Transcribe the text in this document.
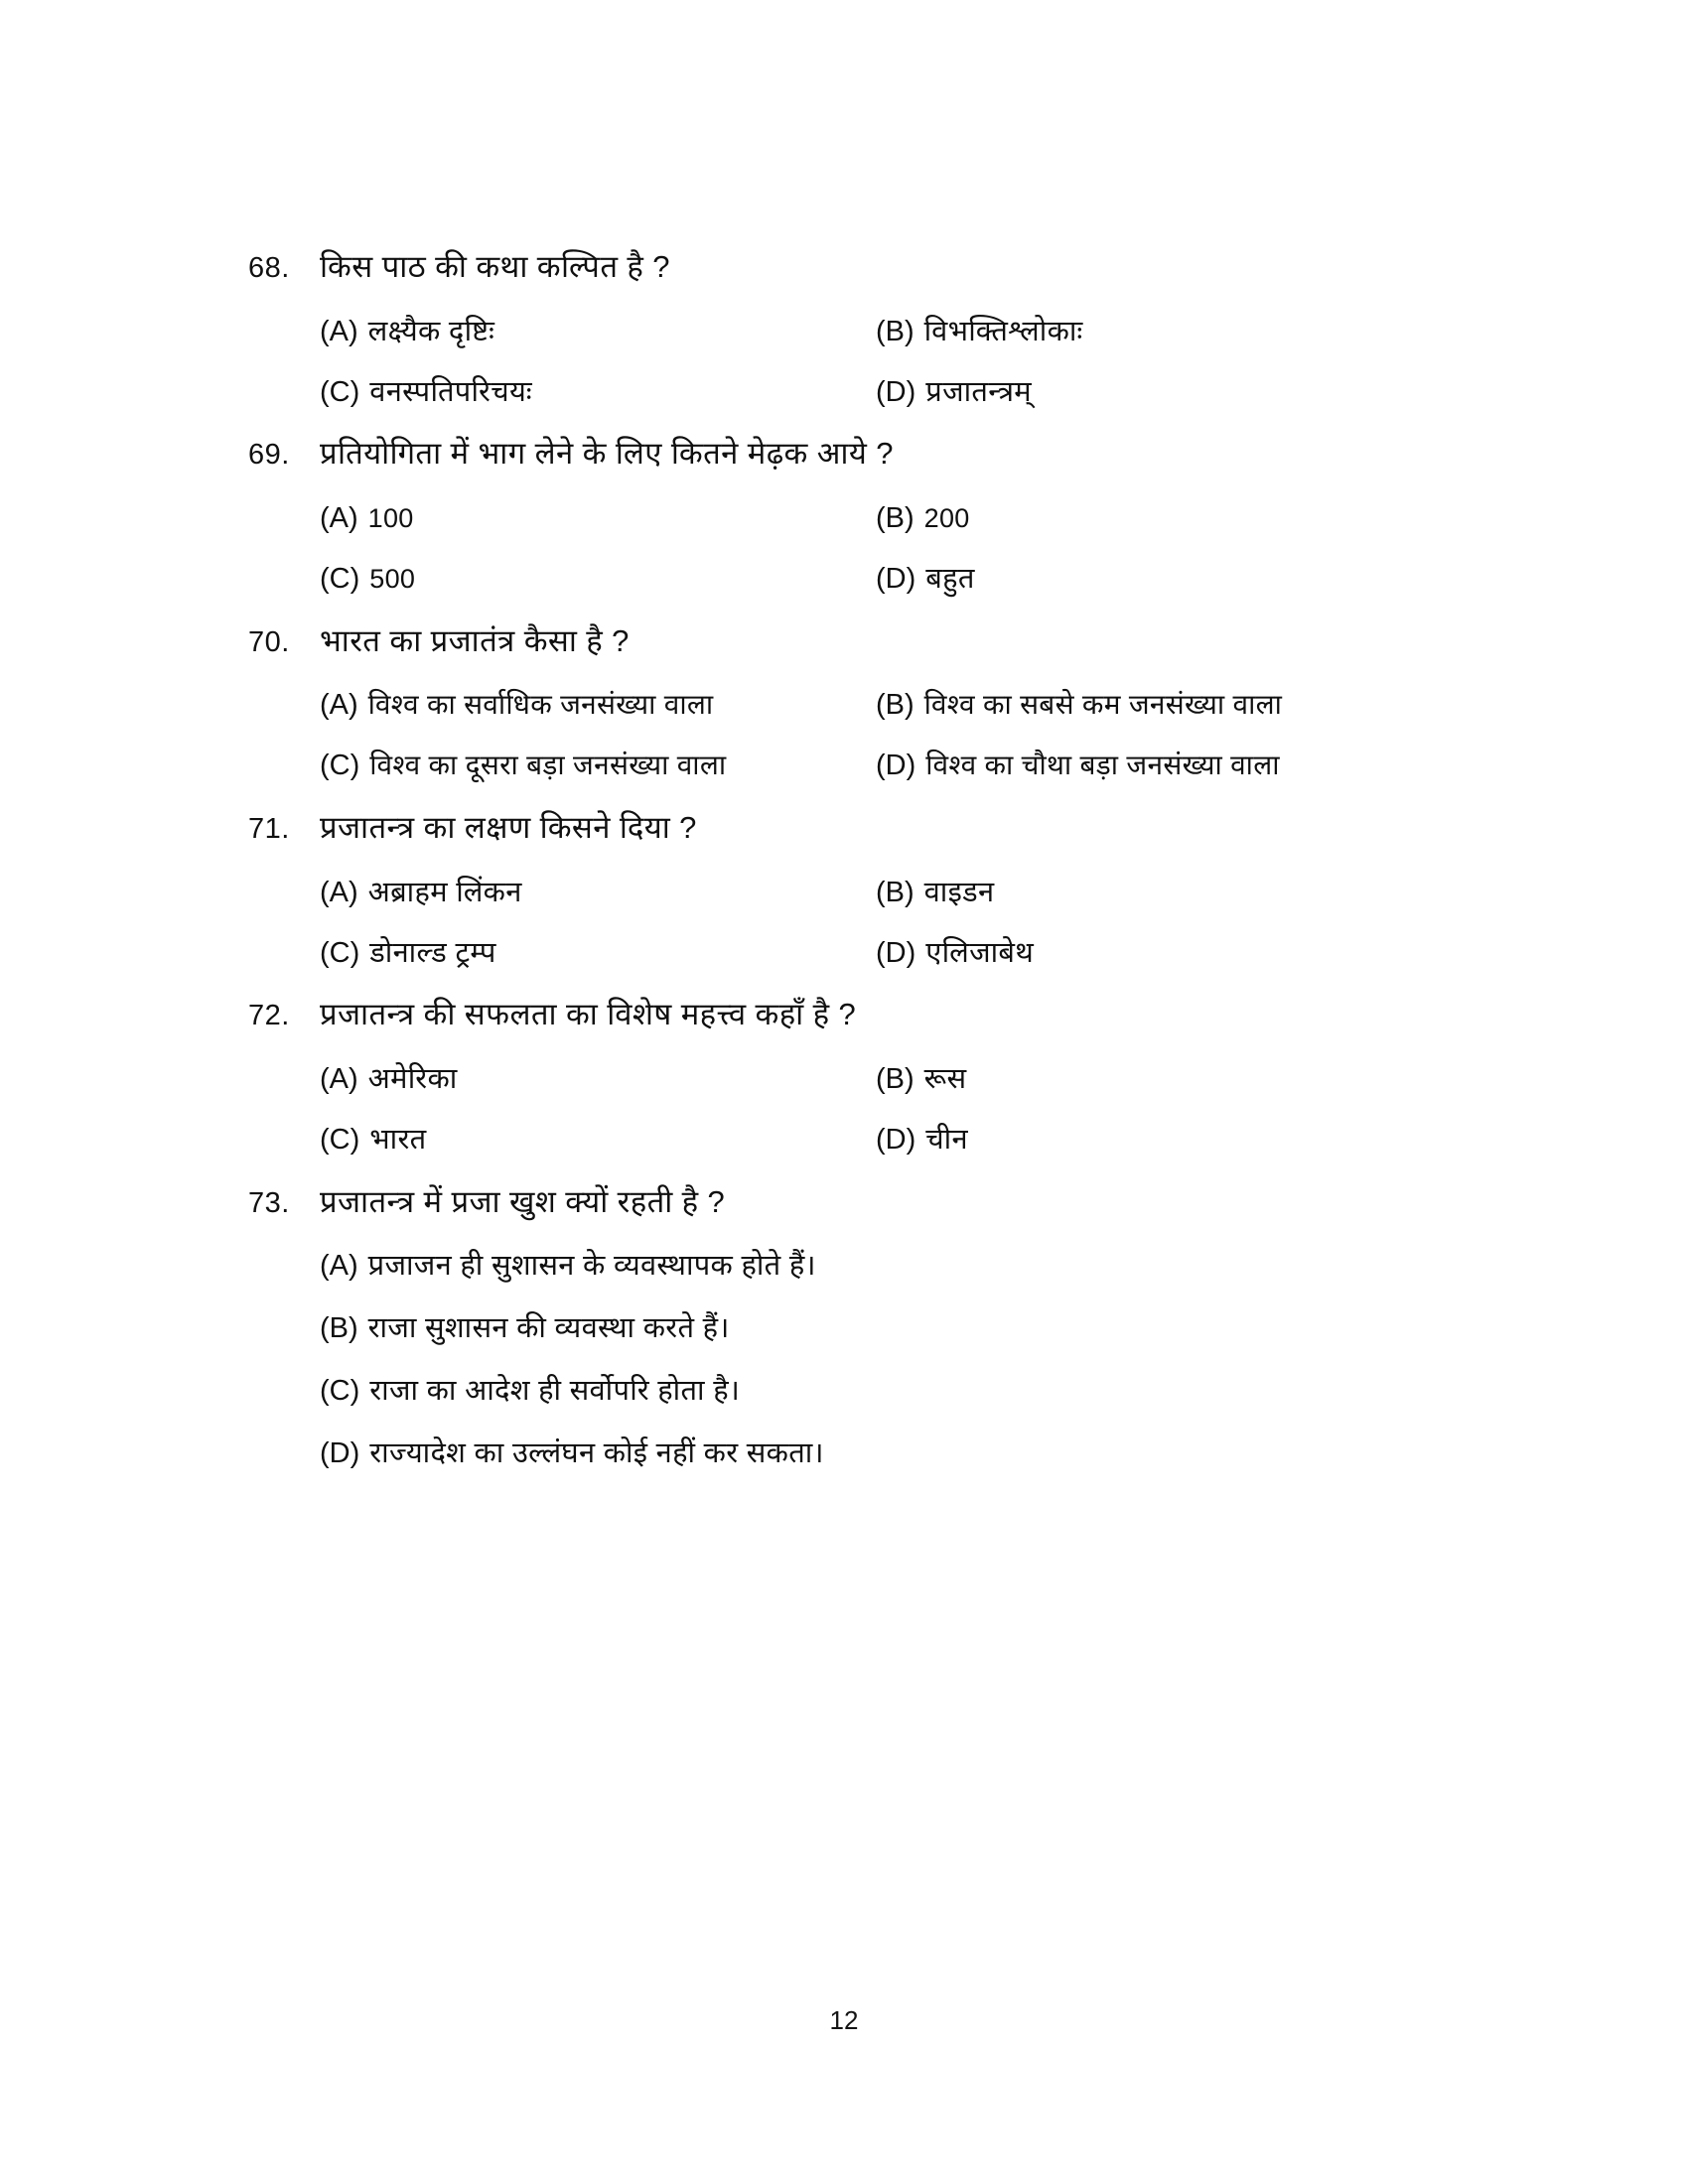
68. किस पाठ की कथा कल्पित है ?
(A) लक्ष्यैक दृष्टिः	(B) विभक्तिश्लोकाः
(C) वनस्पतिपरिचयः	(D) प्रजातन्त्रम्
69. प्रतियोगिता में भाग लेने के लिए कितने मेढ़क आये ?
(A) 100	(B) 200
(C) 500	(D) बहुत
70. भारत का प्रजातंत्र कैसा है ?
(A) विश्व का सर्वाधिक जनसंख्या वाला	(B) विश्व का सबसे कम जनसंख्या वाला
(C) विश्व का दूसरा बड़ा जनसंख्या वाला	(D) विश्व का चौथा बड़ा जनसंख्या वाला
71. प्रजातन्त्र का लक्षण किसने दिया ?
(A) अब्राहम लिंकन	(B) वाइडन
(C) डोनाल्ड ट्रम्प	(D) एलिजाबेथ
72. प्रजातन्त्र की सफलता का विशेष महत्त्व कहाँ है ?
(A) अमेरिका	(B) रूस
(C) भारत	(D) चीन
73. प्रजातन्त्र में प्रजा खुश क्यों रहती है ?
(A) प्रजाजन ही सुशासन के व्यवस्थापक होते हैं।
(B) राजा सुशासन की व्यवस्था करते हैं।
(C) राजा का आदेश ही सर्वोपरि होता है।
(D) राज्यादेश का उल्लंघन कोई नहीं कर सकता।
12
